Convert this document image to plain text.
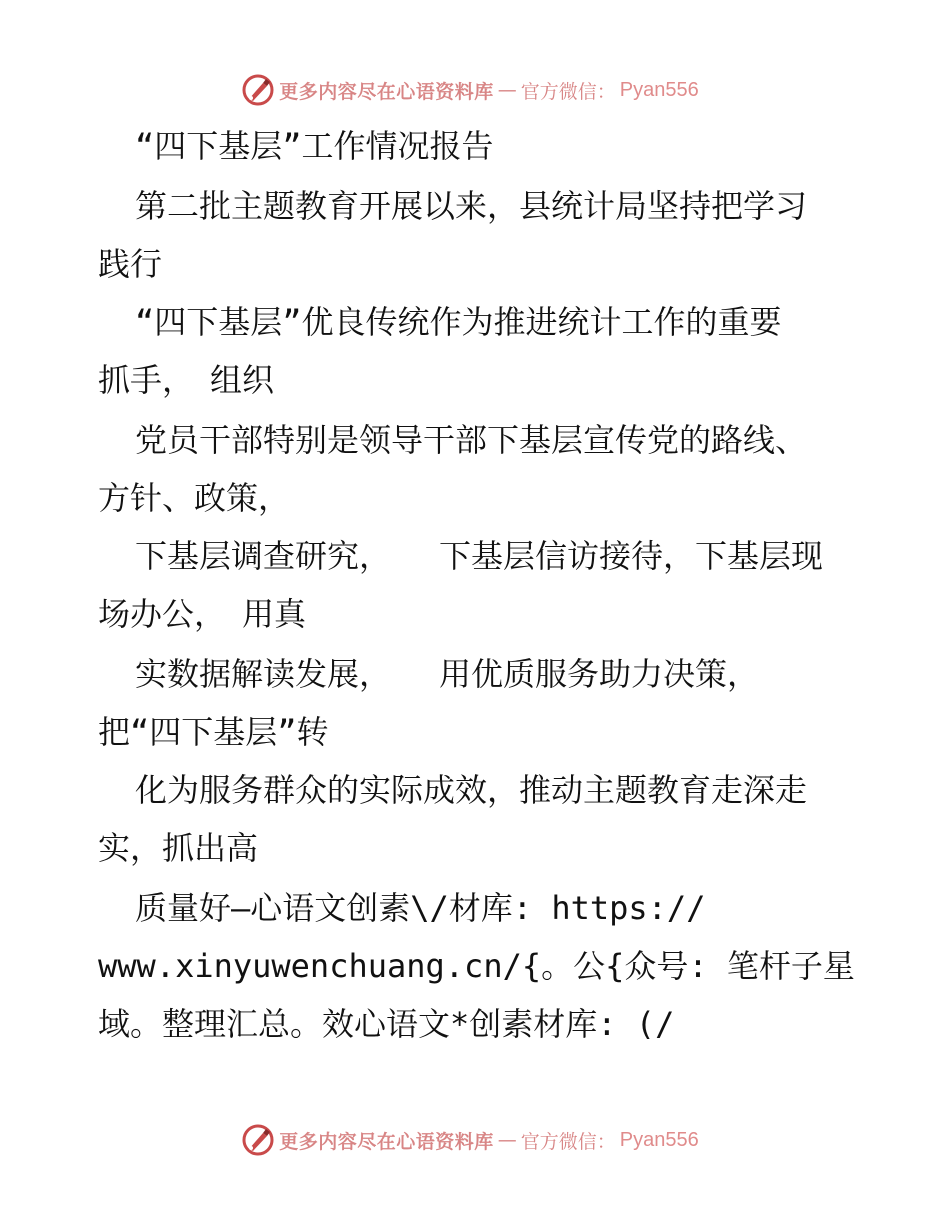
更多内容尽在心语资料库 — 官方微信： Pyan556
“四下基层”工作情况报告
第二批主题教育开展以来，县统计局坚持把学习
践行
“四下基层”优良传统作为推进统计工作的重要
抓手，　组织
党员干部特别是领导干部下基层宣传党的路线、
方针、政策，
下基层调查研究，　　下基层信访接待，下基层现
场办公，　用真
实数据解读发展，　　用优质服务助力决策，
把“四下基层”转
化为服务群众的实际成效，推动主题教育走深走
实，抓出高
质量好—心语文创素\/材库: https://
www.xinyuwenchuang.cn/{。公{众号: 笔杆子星
域。整理汇总。效心语文*创素材库: (/
更多内容尽在心语资料库 — 官方微信： Pyan556
